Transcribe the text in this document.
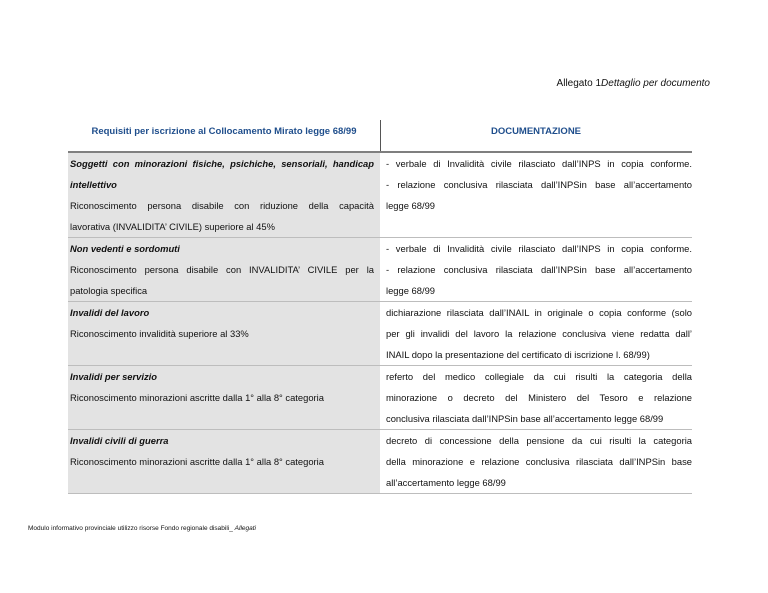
Allegato 1Dettaglio per documento
Requisiti per iscrizione al Collocamento Mirato legge 68/99	DOCUMENTAZIONE
Soggetti con minorazioni fisiche, psichiche, sensoriali, handicap
intellettivo
Riconoscimento persona disabile con riduzione della capacità
lavorativa (INVALIDITA’ CIVILE) superiore al 45%
- verbale di Invalidità civile rilasciato dall’INPS in copia conforme.
- relazione conclusiva rilasciata dall’INPSin base all’accertamento
legge 68/99
Non vedenti e sordomuti
Riconoscimento persona disabile con INVALIDITA’ CIVILE per la
patologia specifica
- verbale di Invalidità civile rilasciato dall’INPS in copia conforme.
- relazione conclusiva rilasciata dall’INPSin base all’accertamento
legge 68/99
Invalidi del lavoro
Riconoscimento invalidità superiore al 33%
dichiarazione rilasciata dall’INAIL in originale o copia conforme (solo
per gli invalidi del lavoro la relazione conclusiva viene redatta dall’
INAIL dopo la presentazione del certificato di iscrizione l. 68/99)
Invalidi per servizio
Riconoscimento minorazioni ascritte dalla 1° alla 8° categoria
referto del medico collegiale da cui risulti la categoria della
minorazione o decreto del Ministero del Tesoro e relazione
conclusiva rilasciata dall’INPSin base all’accertamento legge 68/99
Invalidi civili di guerra
Riconoscimento minorazioni ascritte dalla 1° alla 8° categoria
decreto di concessione della pensione da cui risulti la categoria
della minorazione e relazione conclusiva rilasciata dall’INPSin base
all’accertamento legge 68/99
Modulo informativo provinciale utilizzo risorse Fondo regionale disabili_ Allegati
